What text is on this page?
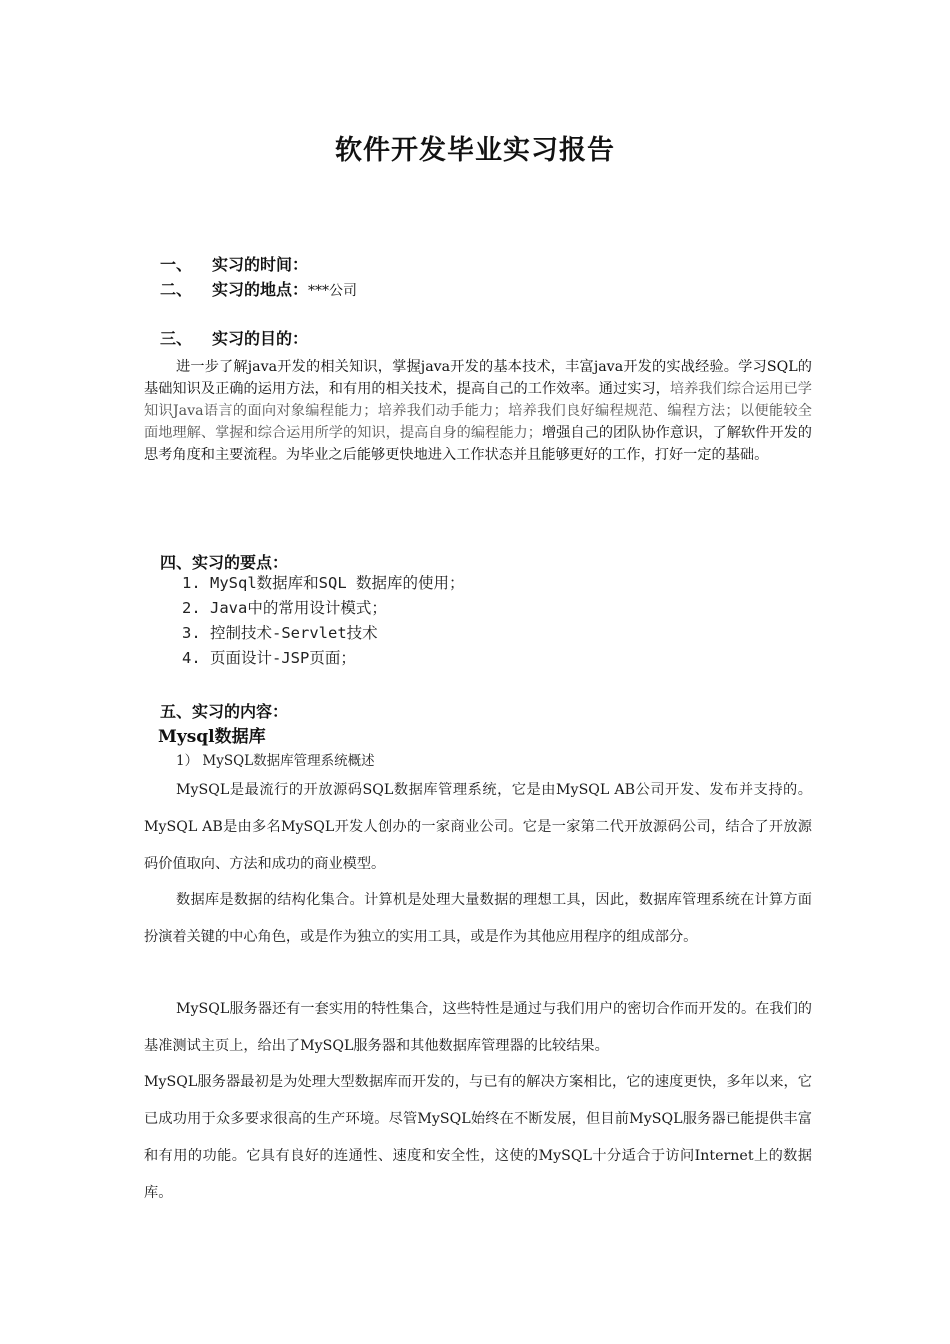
软件开发毕业实习报告
一、 实习的时间：
二、 实习的地点：***公司
三、 实习的目的：
进一步了解java开发的相关知识，掌握java开发的基本技术，丰富java开发的实战经验。学习SQL的基础知识及正确的运用方法，和有用的相关技术，提高自己的工作效率。通过实习，培养我们综合运用已学知识Java语言的面向对象编程能力；培养我们动手能力；培养我们良好编程规范、编程方法；以便能较全面地理解、掌握和综合运用所学的知识，提高自身的编程能力；增强自己的团队协作意识，了解软件开发的思考角度和主要流程。为毕业之后能够更快地进入工作状态并且能够更好的工作，打好一定的基础。
四、实习的要点：
1. MySql数据库和SQL 数据库的使用；
2. Java中的常用设计模式；
3. 控制技术-Servlet技术
4. 页面设计-JSP页面；
五、实习的内容：
Mysql数据库
1） MySQL数据库管理系统概述
MySQL是最流行的开放源码SQL数据库管理系统，它是由MySQL AB公司开发、发布并支持的。MySQL AB是由多名MySQL开发人创办的一家商业公司。它是一家第二代开放源码公司，结合了开放源码价值取向、方法和成功的商业模型。
数据库是数据的结构化集合。计算机是处理大量数据的理想工具，因此，数据库管理系统在计算方面扮演着关键的中心角色，或是作为独立的实用工具，或是作为其他应用程序的组成部分。
MySQL服务器还有一套实用的特性集合，这些特性是通过与我们用户的密切合作而开发的。在我们的基准测试主页上，给出了MySQL服务器和其他数据库管理器的比较结果。
MySQL服务器最初是为处理大型数据库而开发的，与已有的解决方案相比，它的速度更快，多年以来，它已成功用于众多要求很高的生产环境。尽管MySQL始终在不断发展，但目前MySQL服务器已能提供丰富和有用的功能。它具有良好的连通性、速度和安全性，这使的MySQL十分适合于访问Internet上的数据库。
